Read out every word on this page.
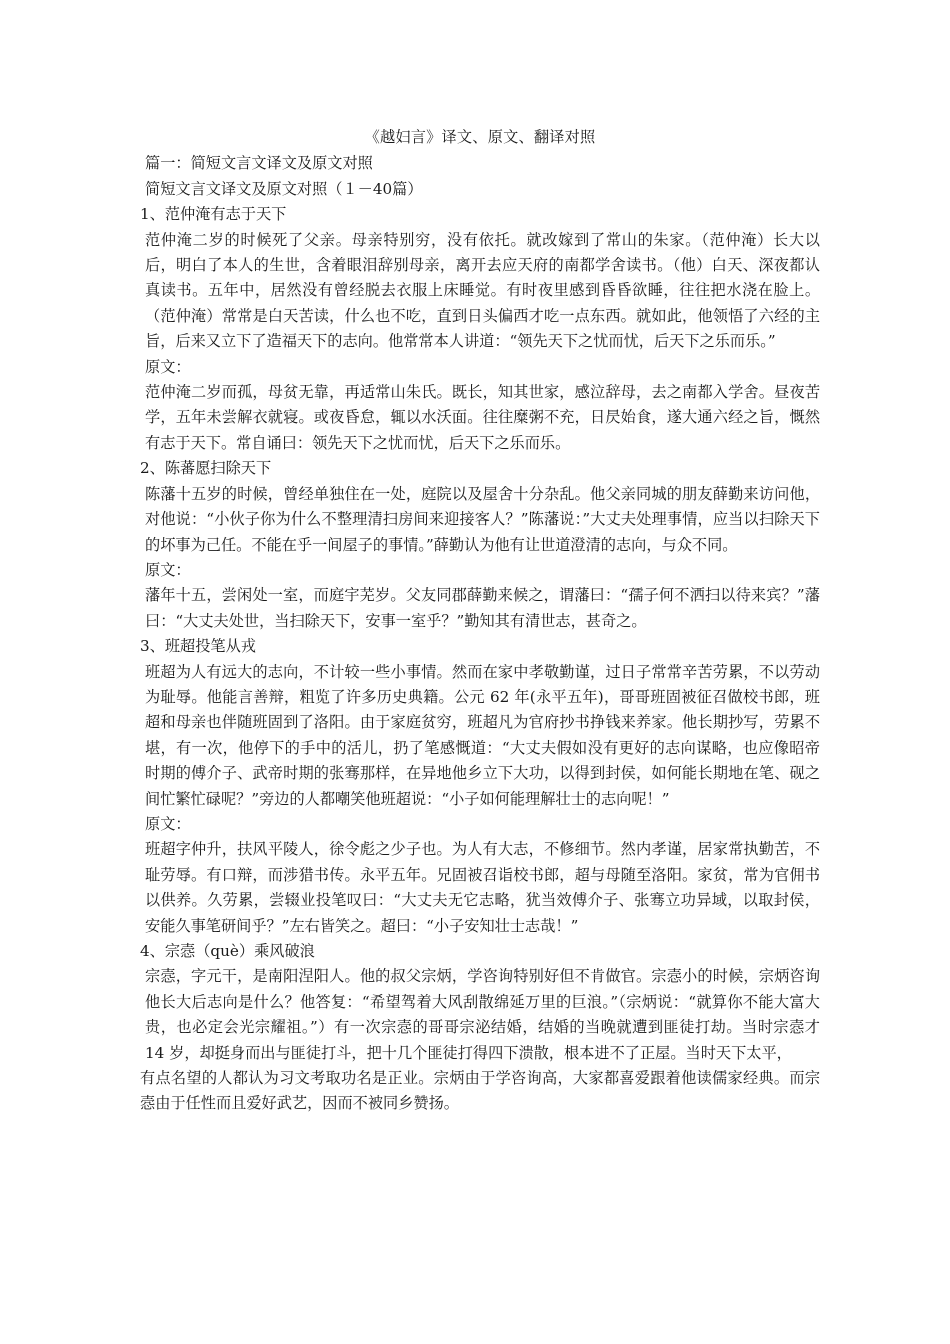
《越妇言》译文、原文、翻译对照

篇一：简短文言文译文及原文对照

简短文言文译文及原文对照（１－40篇）

1、范仲淹有志于天下

范仲淹二岁的时候死了父亲。母亲特别穷，没有依托。就改嫁到了常山的朱家。（范仲淹）长大以后，明白了本人的生世，含着眼泪辞别母亲，离开去应天府的南都学舍读书。（他）白天、深夜都认真读书。五年中，居然没有曾经脱去衣服上床睡觉。有时夜里感到昏昏欲睡，往往把水浇在脸上。（范仲淹）常常是白天苦读，什么也不吃，直到日头偏西才吃一点东西。就如此，他领悟了六经的主旨，后来又立下了造福天下的志向。他常常本人讲道：“领先天下之忧而忧，后天下之乐而乐。”

原文：

范仲淹二岁而孤，母贫无靠，再适常山朱氏。既长，知其世家，感泣辞母，去之南都入学舍。昼夜苦学，五年未尝解衣就寝。或夜昏怠，辄以水沃面。往往糜粥不充，日昃始食，遂大通六经之旨，慨然有志于天下。常自诵曰：领先天下之忧而忧，后天下之乐而乐。

2、陈蕃愿扫除天下

陈藩十五岁的时候，曾经单独住在一处，庭院以及屋舍十分杂乱。他父亲同城的朋友薛勤来访问他，对他说：“小伙子你为什么不整理清扫房间来迎接客人？”陈藩说：”大丈夫处理事情，应当以扫除天下的坏事为己任。不能在乎一间屋子的事情。”薛勤认为他有让世道澄清的志向，与众不同。

原文：

藩年十五，尝闲处一室，而庭宇芜岁。父友同郡薛勤来候之，谓藩曰：“孺子何不洒扫以待来宾？”藩曰：“大丈夫处世，当扫除天下，安事一室乎？”勤知其有清世志，甚奇之。

3、班超投笔从戎

班超为人有远大的志向，不计较一些小事情。然而在家中孝敬勤谨，过日子常常辛苦劳累，不以劳动为耻辱。他能言善辩，粗览了许多历史典籍。公元 62 年(永平五年)，哥哥班固被征召做校书郎，班超和母亲也伴随班固到了洛阳。由于家庭贫穷，班超凡为官府抄书挣钱来养家。他长期抄写，劳累不堪，有一次，他停下的手中的活儿，扔了笔感慨道：“大丈夫假如没有更好的志向谋略，也应像昭帝时期的傅介子、武帝时期的张骞那样，在异地他乡立下大功，以得到封侯，如何能长期地在笔、砚之间忙繁忙碌呢？”旁边的人都嘲笑他班超说：“小子如何能理解壮士的志向呢！”

原文：

班超字仲升，扶风平陵人，徐令彪之少子也。为人有大志，不修细节。然内孝谨，居家常执勤苦，不耻劳辱。有口辩，而涉猎书传。永平五年。兄固被召诣校书郎，超与母随至洛阳。家贫，常为官佣书以供养。久劳累，尝辍业投笔叹曰：“大丈夫无它志略，犹当效傅介子、张骞立功异域，以取封侯，安能久事笔研间乎？”左右皆笑之。超曰：“小子安知壮士志哉！”

4、宗悫（què）乘风破浪

宗悫，字元干，是南阳涅阳人。他的叔父宗炳，学咨询特别好但不肯做官。宗悫小的时候，宗炳咨询他长大后志向是什么？他答复：“希望驾着大风刮散绵延万里的巨浪。”（宗炳说：“就算你不能大富大贵，也必定会光宗耀祖。”）有一次宗悫的哥哥宗泌结婚，结婚的当晚就遭到匪徒打劫。当时宗悫才 14 岁，却挺身而出与匪徒打斗，把十几个匪徒打得四下溃散，根本进不了正屋。当时天下太平，

有点名望的人都认为习文考取功名是正业。宗炳由于学咨询高，大家都喜爱跟着他读儒家经典。而宗悫由于任性而且爱好武艺，因而不被同乡赞扬。
